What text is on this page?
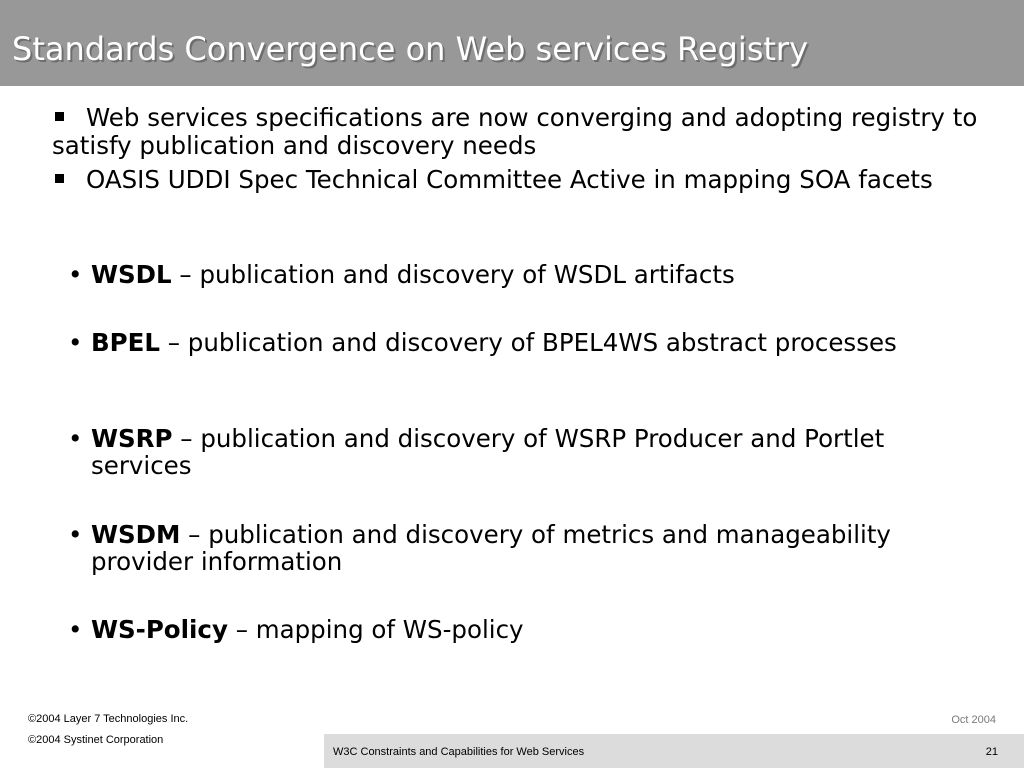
Standards Convergence on Web services Registry
Web services specifications are now converging and adopting registry to satisfy publication and discovery needs
OASIS UDDI Spec Technical Committee Active in mapping SOA facets
• WSDL – publication and discovery of WSDL artifacts
• BPEL – publication and discovery of BPEL4WS abstract processes
• WSRP – publication and discovery of WSRP Producer and Portlet services
• WSDM – publication and discovery of metrics and manageability provider information
• WS-Policy – mapping of WS-policy
©2004 Layer 7 Technologies Inc.
©2004 Systinet Corporation
Oct 2004
W3C Constraints and Capabilities for Web Services	21
